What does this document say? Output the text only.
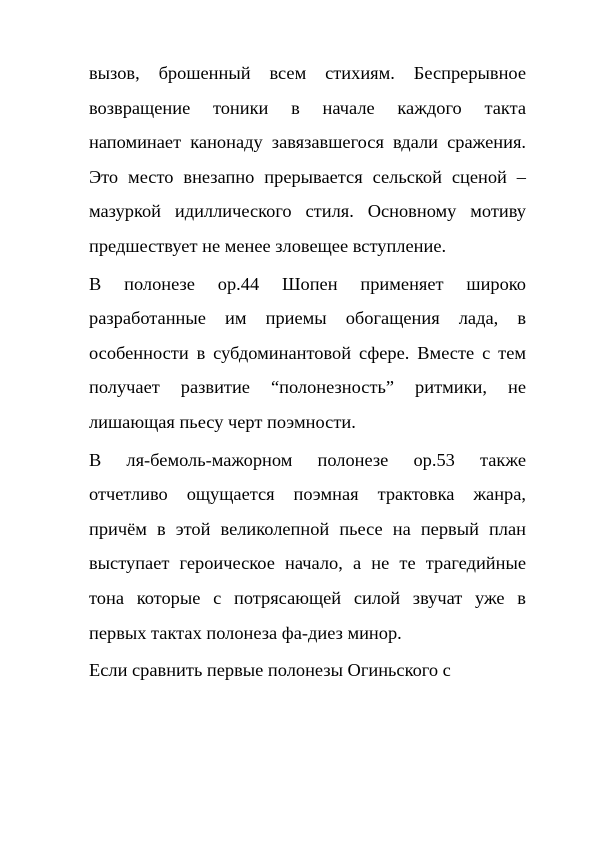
вызов, брошенный всем стихиям. Беспрерывное возвращение тоники в начале каждого такта напоминает канонаду завязавшегося вдали сражения. Это место внезапно прерывается сельской сценой – мазуркой идиллического стиля. Основному мотиву предшествует не менее зловещее вступление.

В полонезе ор.44 Шопен применяет широко разработанные им приемы обогащения лада, в особенности в субдоминантовой сфере. Вместе с тем получает развитие “полонезность” ритмики, не лишающая пьесу черт поэмности.

В ля-бемоль-мажорном полонезе ор.53 также отчетливо ощущается поэмная трактовка жанра, причём в этой великолепной пьесе на первый план выступает героическое начало, а не те трагедийные тона которые с потрясающей силой звучат уже в первых тактах полонеза фа-диез минор.

Если сравнить первые полонезы Огиньского с
